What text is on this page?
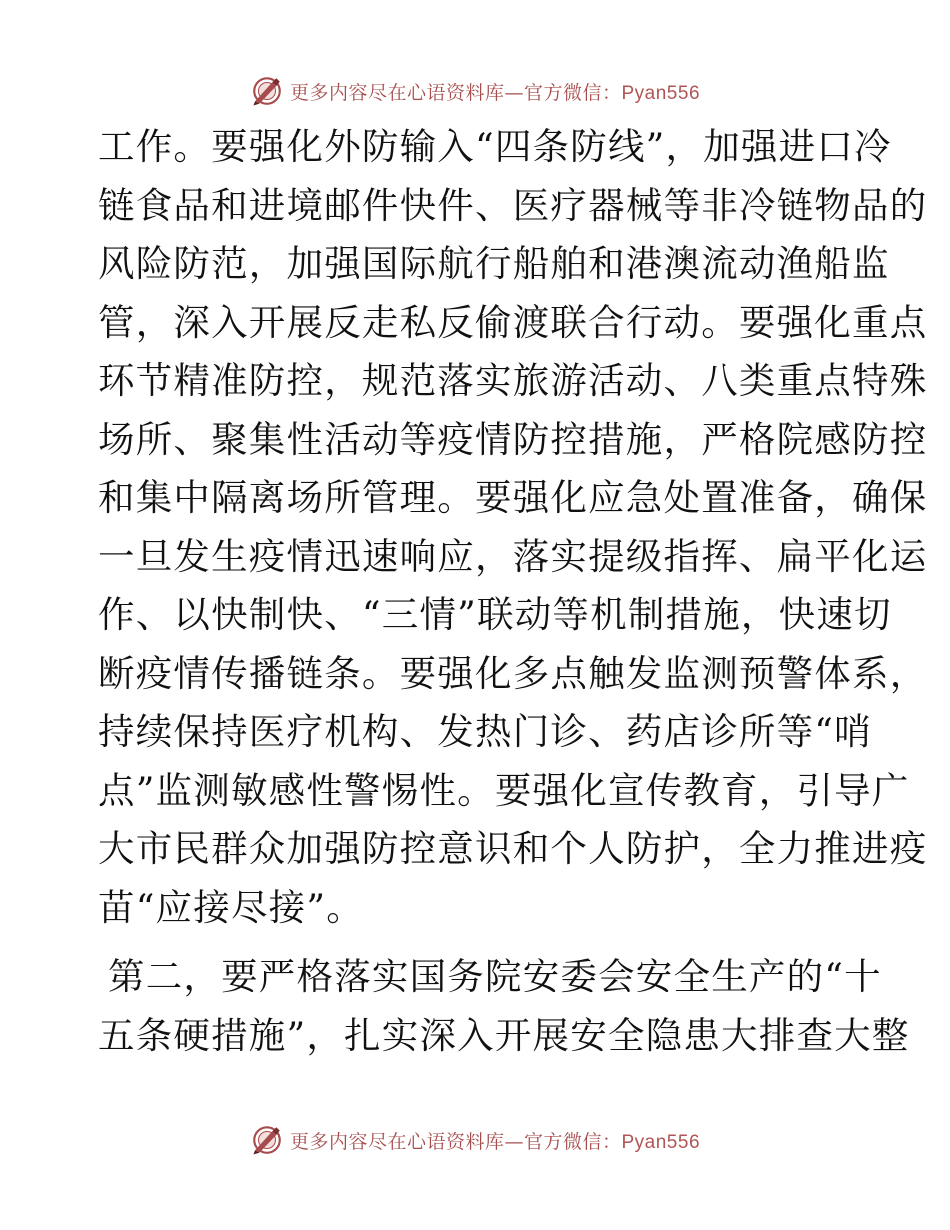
更多内容尽在心语资料库—官方微信：Pyan556
工作。要强化外防输入“四条防线”，加强进口冷
链食品和进境邮件快件、医疗器械等非冷链物品的
风险防范，加强国际航行船舶和港澳流动渔船监
管，深入开展反走私反偷渡联合行动。要强化重点
环节精准防控，规范落实旅游活动、八类重点特殊
场所、聚集性活动等疫情防控措施，严格院感防控
和集中隔离场所管理。要强化应急处置准备，确保
一旦发生疫情迅速响应，落实提级指挥、扁平化运
作、以快制快、“三情”联动等机制措施，快速切
断疫情传播链条。要强化多点触发监测预警体系，
持续保持医疗机构、发热门诊、药店诊所等“哨
点”监测敏感性警惕性。要强化宣传教育，引导广
大市民群众加强防控意识和个人防护，全力推进疫
苗“应接尽接”。
第二，要严格落实国务院安委会安全生产的“十
五条硬措施”，扎实深入开展安全隐患大排查大整
更多内容尽在心语资料库—官方微信：Pyan556
